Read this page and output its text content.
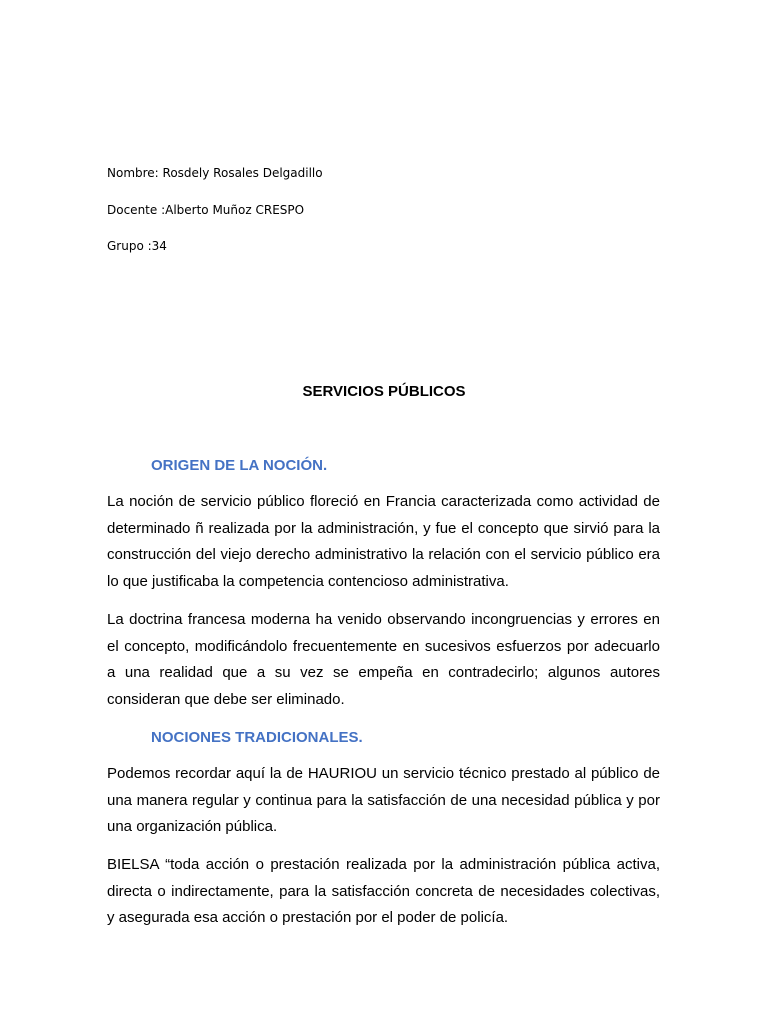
Nombre: Rosdely Rosales Delgadillo

Docente :Alberto Muñoz CRESPO

Grupo :34

SERVICIOS PÚBLICOS
ORIGEN DE LA NOCIÓN.

La noción de servicio público floreció en Francia caracterizada como actividad de determinado ñ realizada por la administración, y fue el concepto que sirvió para la construcción del viejo derecho administrativo la relación con el servicio público era lo que justificaba la competencia contencioso administrativa.

La doctrina francesa moderna ha venido observando incongruencias y errores en el concepto, modificándolo frecuentemente en sucesivos esfuerzos por adecuarlo a una realidad que a su vez se empeña en contradecirlo; algunos autores consideran que debe ser eliminado.

NOCIONES TRADICIONALES.

Podemos recordar aquí la de HAURIOU un servicio técnico prestado al público de una manera regular y continua para la satisfacción de una necesidad pública y por una organización pública.

BIELSA “toda acción o prestación realizada por la administración pública activa, directa o indirectamente, para la satisfacción concreta de necesidades colectivas, y asegurada esa acción o prestación por el poder de policía.
